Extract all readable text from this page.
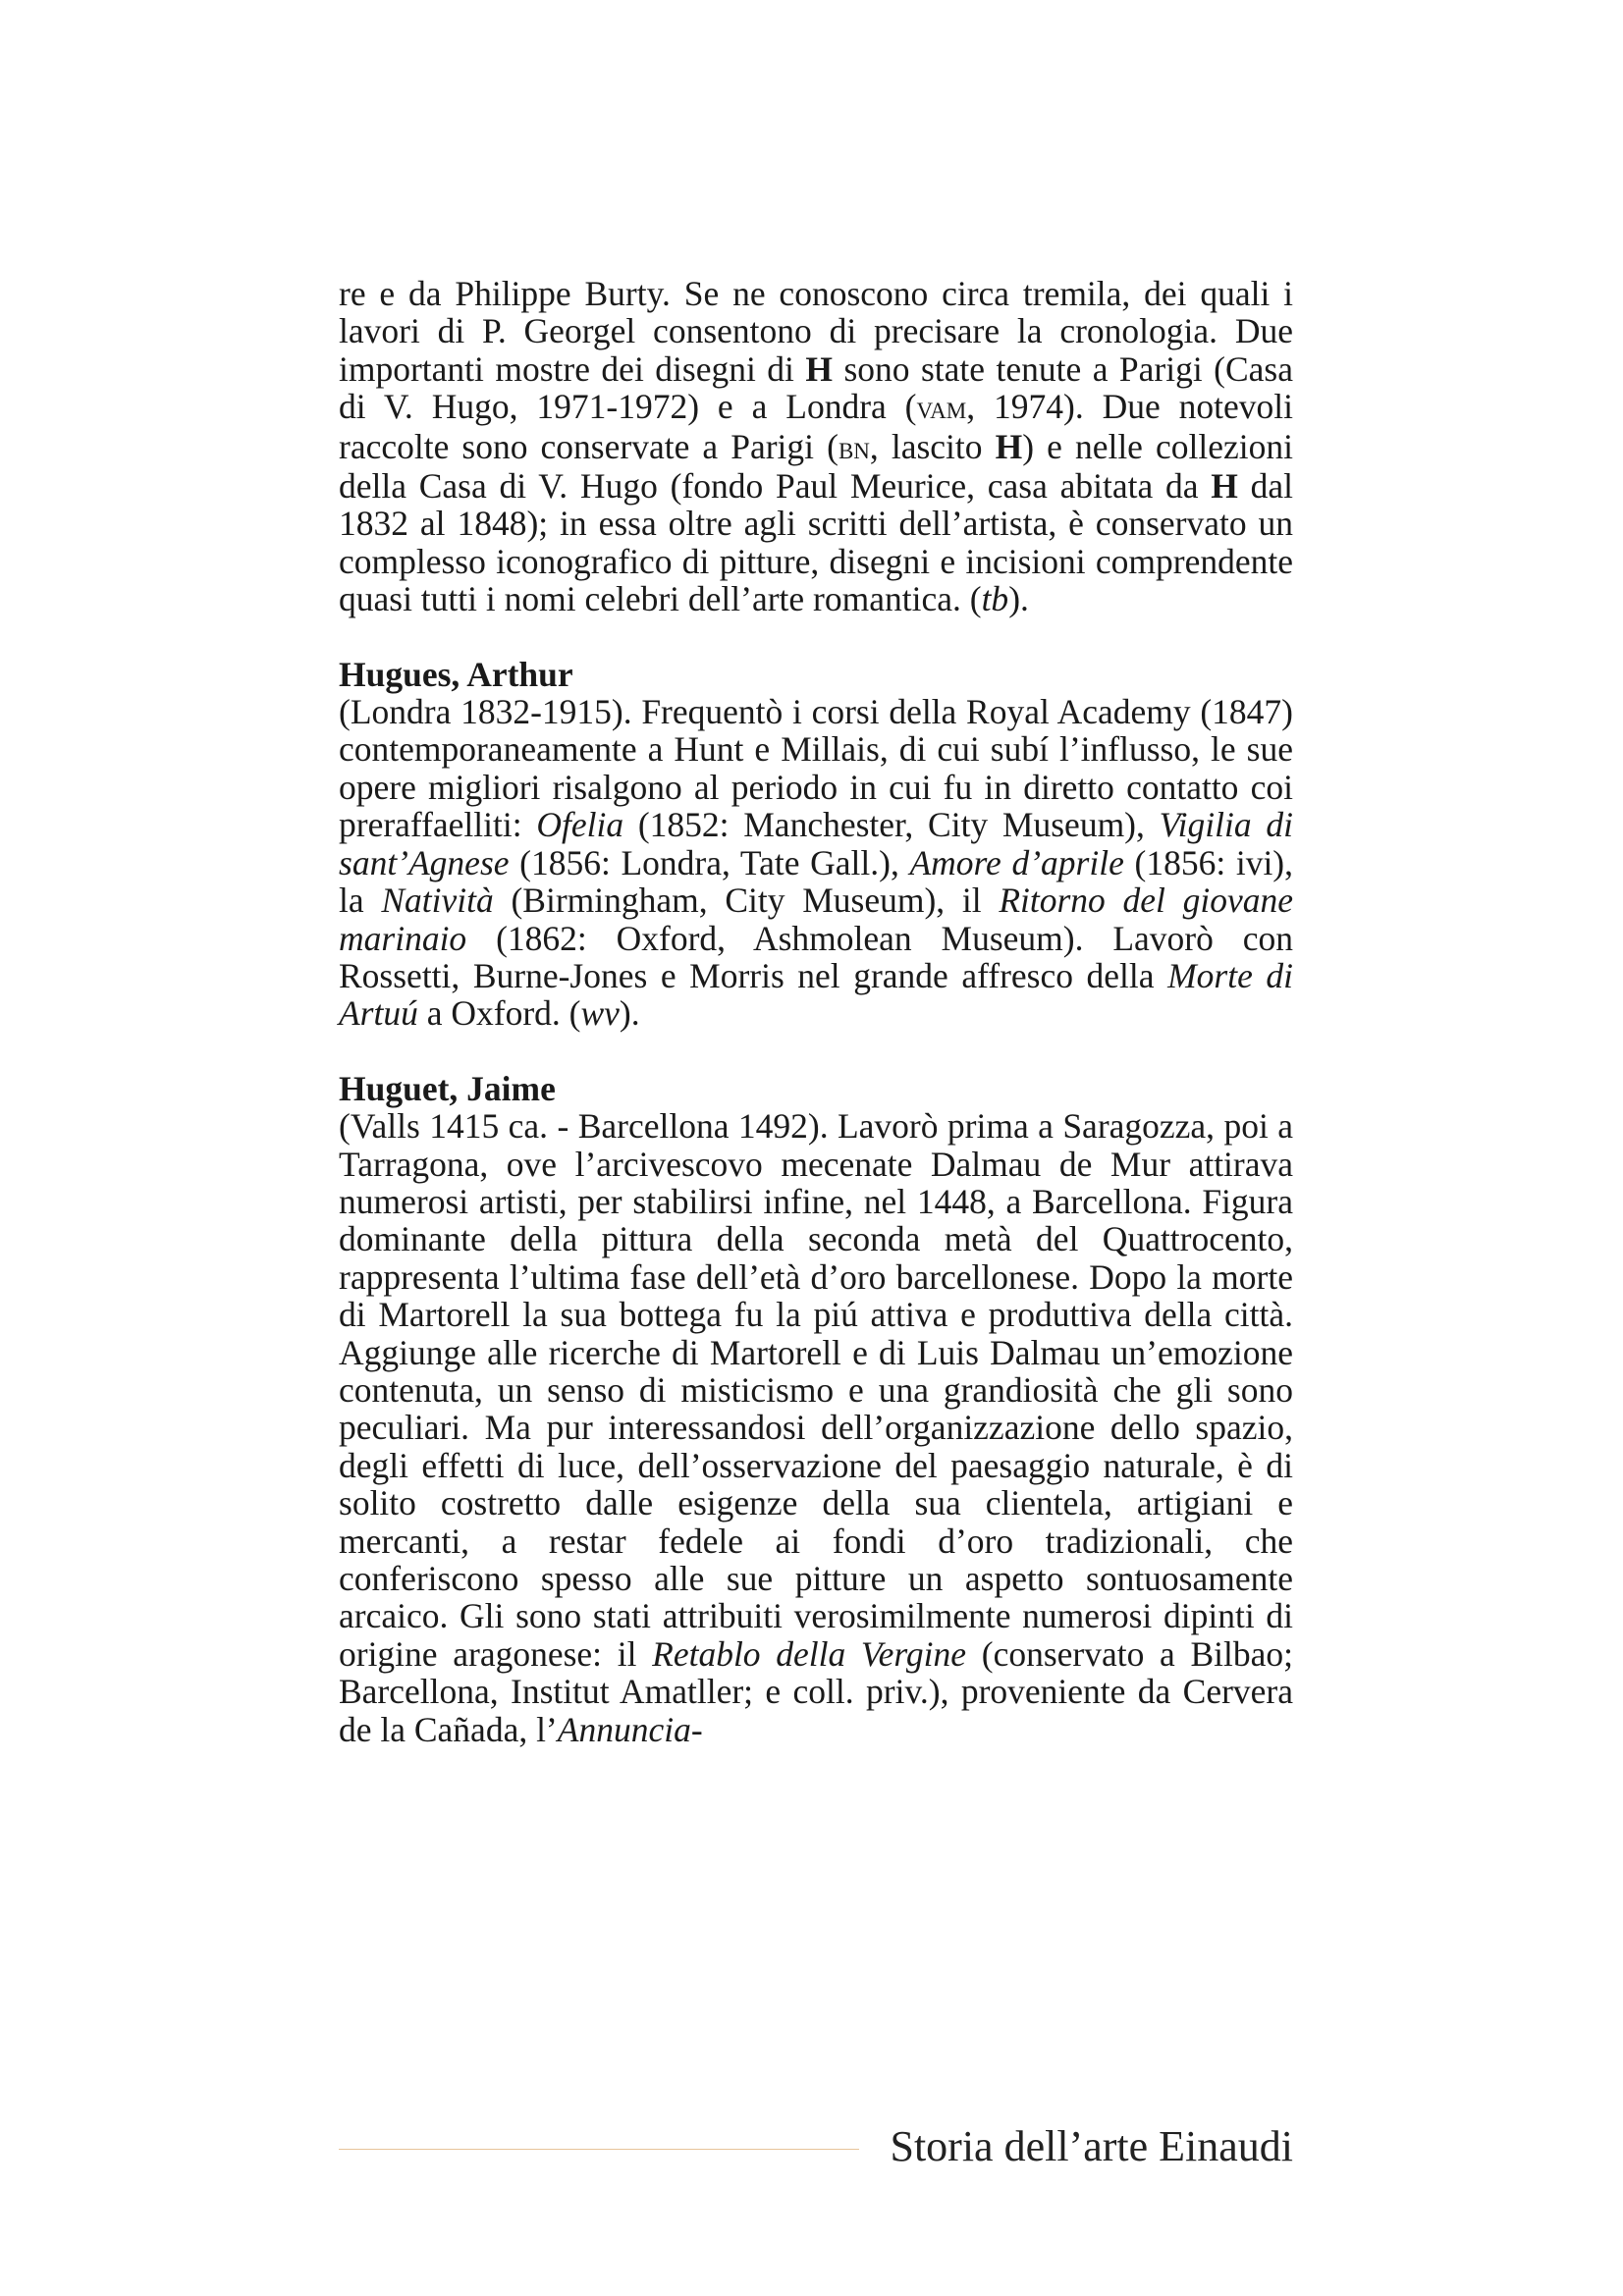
re e da Philippe Burty. Se ne conoscono circa tremila, dei quali i lavori di P. Georgel consentono di precisare la cronologia. Due importanti mostre dei disegni di H sono state tenute a Parigi (Casa di V. Hugo, 1971-1972) e a Londra (vam, 1974). Due notevoli raccolte sono conservate a Parigi (bn, lascito H) e nelle collezioni della Casa di V. Hugo (fondo Paul Meurice, casa abitata da H dal 1832 al 1848); in essa oltre agli scritti dell’artista, è conservato un complesso iconografico di pitture, disegni e incisioni comprendente quasi tutti i nomi celebri dell’arte romantica. (tb).

Hugues, Arthur

(Londra 1832-1915). Frequentò i corsi della Royal Academy (1847) contemporaneamente a Hunt e Millais, di cui subí l’influsso, le sue opere migliori risalgono al periodo in cui fu in diretto contatto coi preraffaelliti: Ofelia (1852: Manchester, City Museum), Vigilia di sant’Agnese (1856: Londra, Tate Gall.), Amore d’aprile (1856: ivi), la Natività (Birmingham, City Museum), il Ritorno del giovane marinaio (1862: Oxford, Ashmolean Museum). Lavorò con Rossetti, Burne-Jones e Morris nel grande affresco della Morte di Artuú a Oxford. (wv).

Huguet, Jaime

(Valls 1415 ca. - Barcellona 1492). Lavorò prima a Saragozza, poi a Tarragona, ove l’arcivescovo mecenate Dalmau de Mur attirava numerosi artisti, per stabilirsi infine, nel 1448, a Barcellona. Figura dominante della pittura della seconda metà del Quattrocento, rappresenta l’ultima fase dell’età d’oro barcellonese. Dopo la morte di Martorell la sua bottega fu la piú attiva e produttiva della città. Aggiunge alle ricerche di Martorell e di Luis Dalmau un’emozione contenuta, un senso di misticismo e una grandiosità che gli sono peculiari. Ma pur interessandosi dell’organizzazione dello spazio, degli effetti di luce, dell’osservazione del paesaggio naturale, è di solito costretto dalle esigenze della sua clientela, artigiani e mercanti, a restar fedele ai fondi d’oro tradizionali, che conferiscono spesso alle sue pitture un aspetto sontuosamente arcaico. Gli sono stati attribuiti verosimilmente numerosi dipinti di origine aragonese: il Retablo della Vergine (conservato a Bilbao; Barcellona, Institut Amatller; e coll. priv.), proveniente da Cervera de la Cañada, l’Annuncia-

Storia dell’arte Einaudi
